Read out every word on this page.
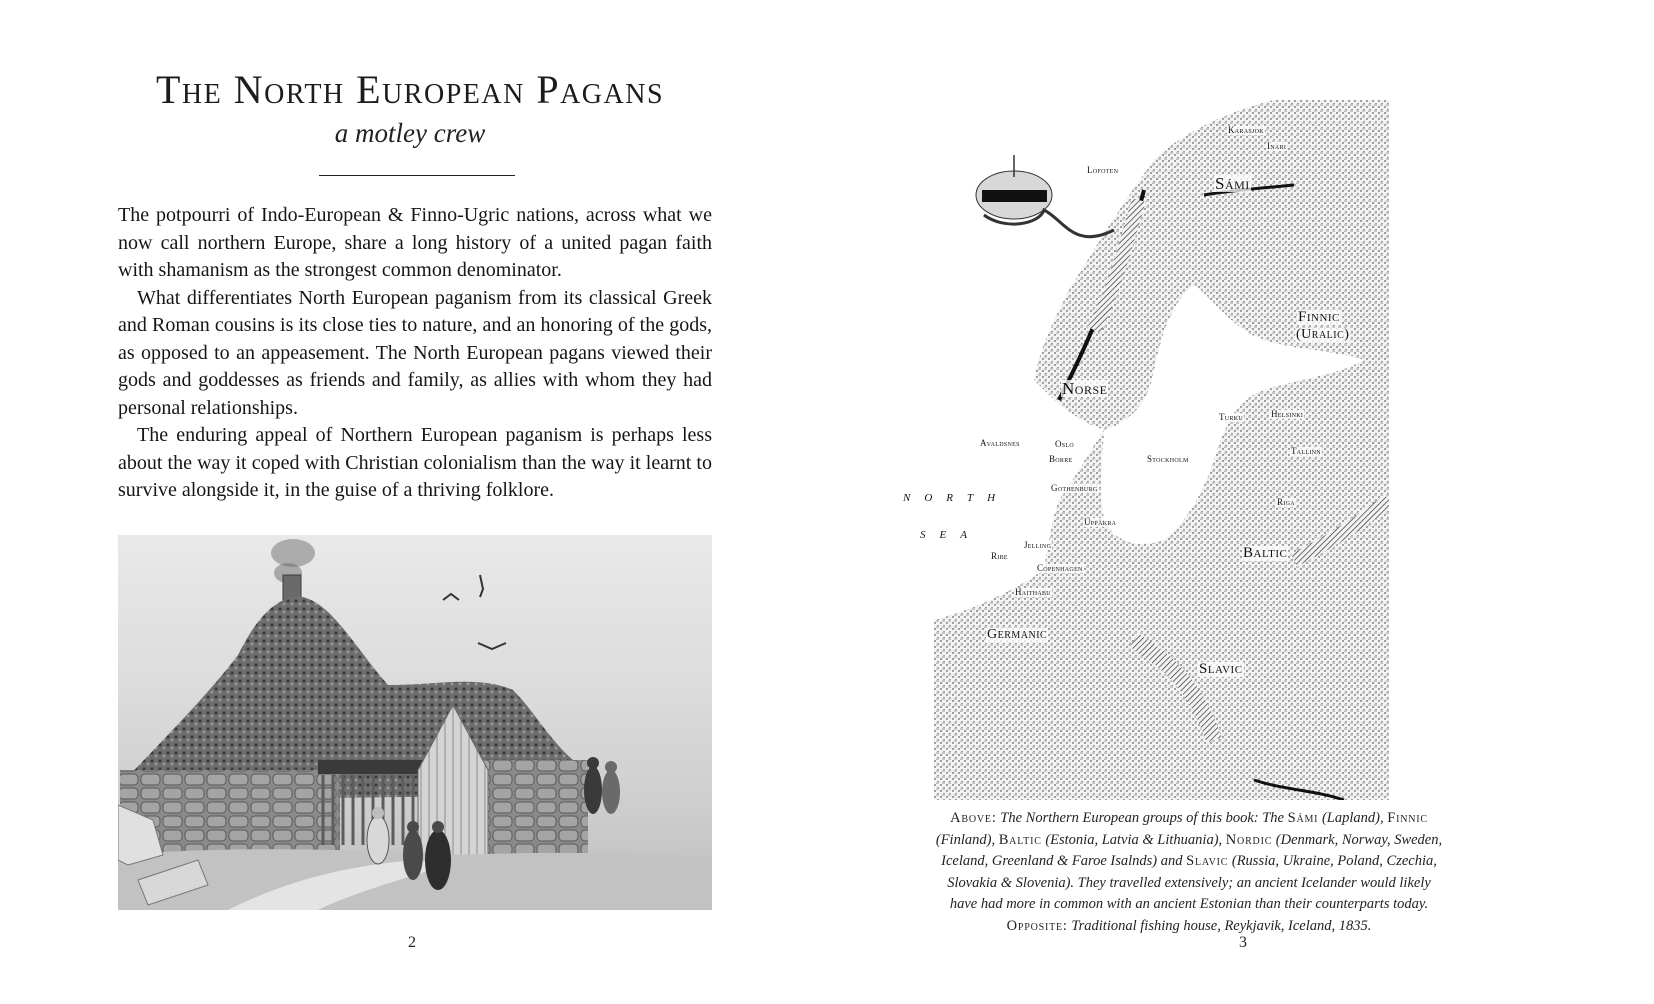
The North European Pagans
a motley crew

The potpourri of Indo-European & Finno-Ugric nations, across what we now call northern Europe, share a long history of a united pagan faith with shamanism as the strongest common denominator.

What differentiates North European paganism from its classical Greek and Roman cousins is its close ties to nature, and an honoring of the gods, as opposed to an appeasement. The North European pagans viewed their gods and goddesses as friends and family, as allies with whom they had personal relationships.

The enduring appeal of Northern European paganism is perhaps less about the way it coped with Christian colonialism than the way it learnt to survive alongside it, in the guise of a thriving folklore.

2
Lofoten
Karasjok
Inari
Sámi
Finnic
(Uralic)
Norse
Avaldsnes	Oslo
Borre	Stockholm
Turku	Helsinki
Tallinn
Gothenburg
Uppåkra
Jelling
Ribe
Copenhagen
Haithabu
Riga
Baltic
Germanic
Slavic
NORTH
SEA
Above: The Northern European groups of this book: The Sámi (Lapland), Finnic (Finland), Baltic (Estonia, Latvia & Lithuania), Nordic (Denmark, Norway, Sweden, Iceland, Greenland & Faroe Isalnds) and Slavic (Russia, Ukraine, Poland, Czechia, Slovakia & Slovenia). They travelled extensively; an ancient Icelander would likely have had more in common with an ancient Estonian than their counterparts today. Opposite: Traditional fishing house, Reykjavik, Iceland, 1835.
3
